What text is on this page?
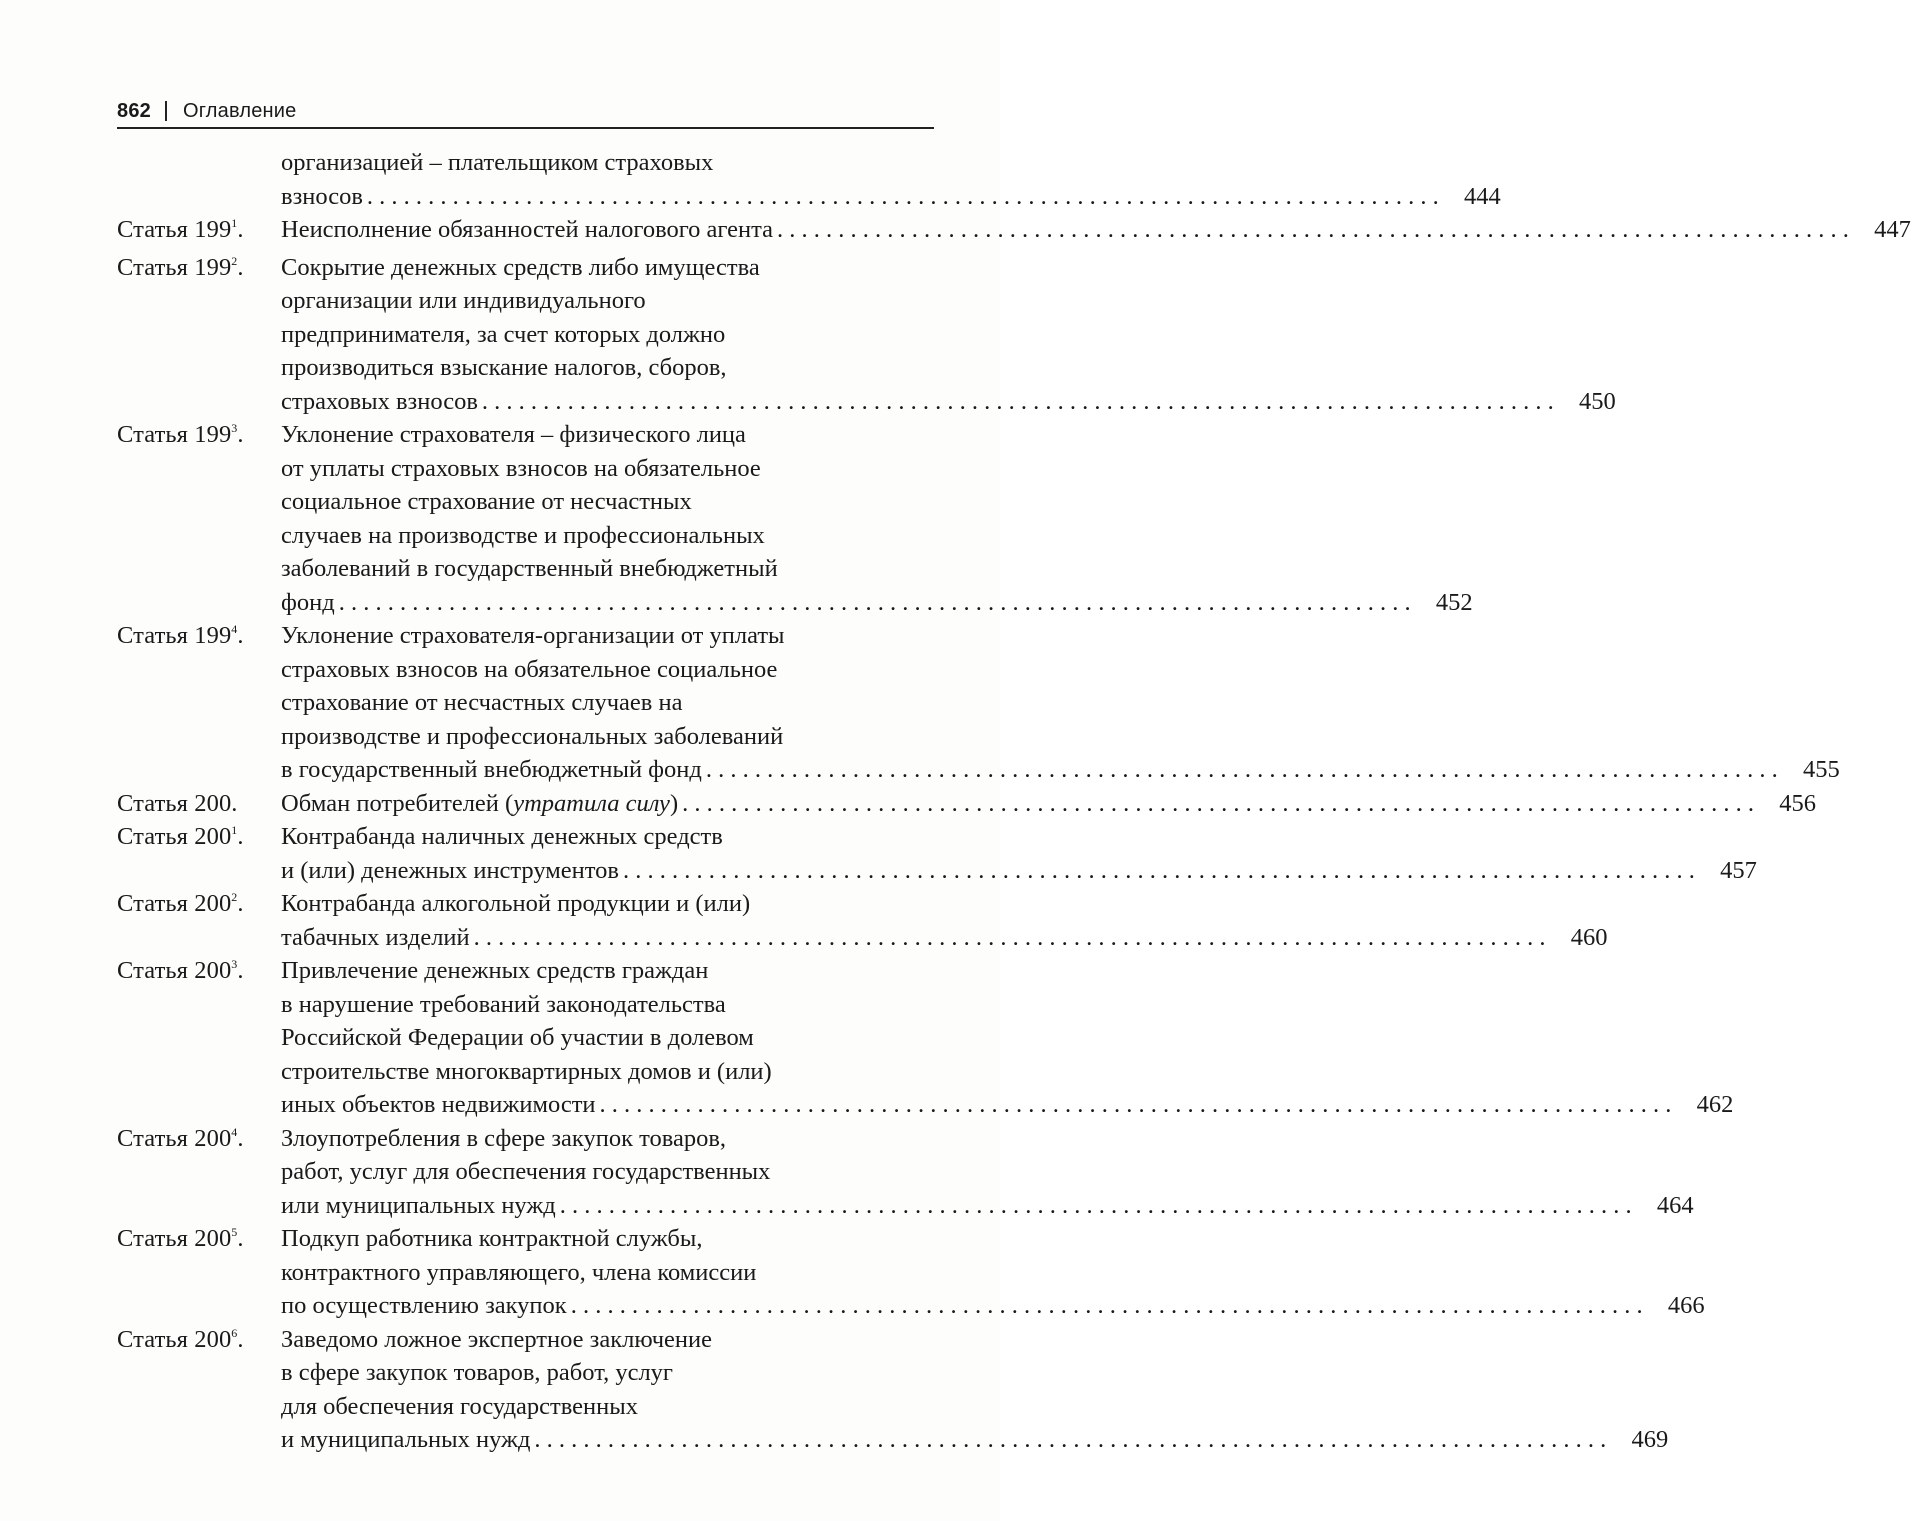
862 Оглавление
организацией – плательщиком страховых
взносов . . .	444
Статья $199^1$.	Неисполнение обязанностей налогового агента . . .	447
Статья $199^2$.	Сокрытие денежных средств либо имущества
организации или индивидуального
предпринимателя, за счет которых должно
производиться взыскание налогов, сборов,
страховых взносов . . .	450
Статья $199^3$.	Уклонение страхователя – физического лица
от уплаты страховых взносов на обязательное
социальное страхование от несчастных
случаев на производстве и профессиональных
заболеваний в государственный внебюджетный
фонд . . .	452
Статья $199^4$.	Уклонение страхователя-организации от уплаты
страховых взносов на обязательное социальное
страхование от несчастных случаев на
производстве и профессиональных заболеваний
в государственный внебюджетный фонд . . .	455
Статья 200.	Обман потребителей (утратила силу) . . .	456
Статья $200^1$.	Контрабанда наличных денежных средств
и (или) денежных инструментов . . .	457
Статья $200^2$.	Контрабанда алкогольной продукции и (или)
табачных изделий . . .	460
Статья $200^3$.	Привлечение денежных средств граждан
в нарушение требований законодательства
Российской Федерации об участии в долевом
строительстве многоквартирных домов и (или)
иных объектов недвижимости . . .	462
Статья $200^4$.	Злоупотребления в сфере закупок товаров,
работ, услуг для обеспечения государственных
или муниципальных нужд . . .	464
Статья $200^5$.	Подкуп работника контрактной службы,
контрактного управляющего, члена комиссии
по осуществлению закупок . . .	466
Статья $200^6$.	Заведомо ложное экспертное заключение
в сфере закупок товаров, работ, услуг
для обеспечения государственных
и муниципальных нужд . . .	469
